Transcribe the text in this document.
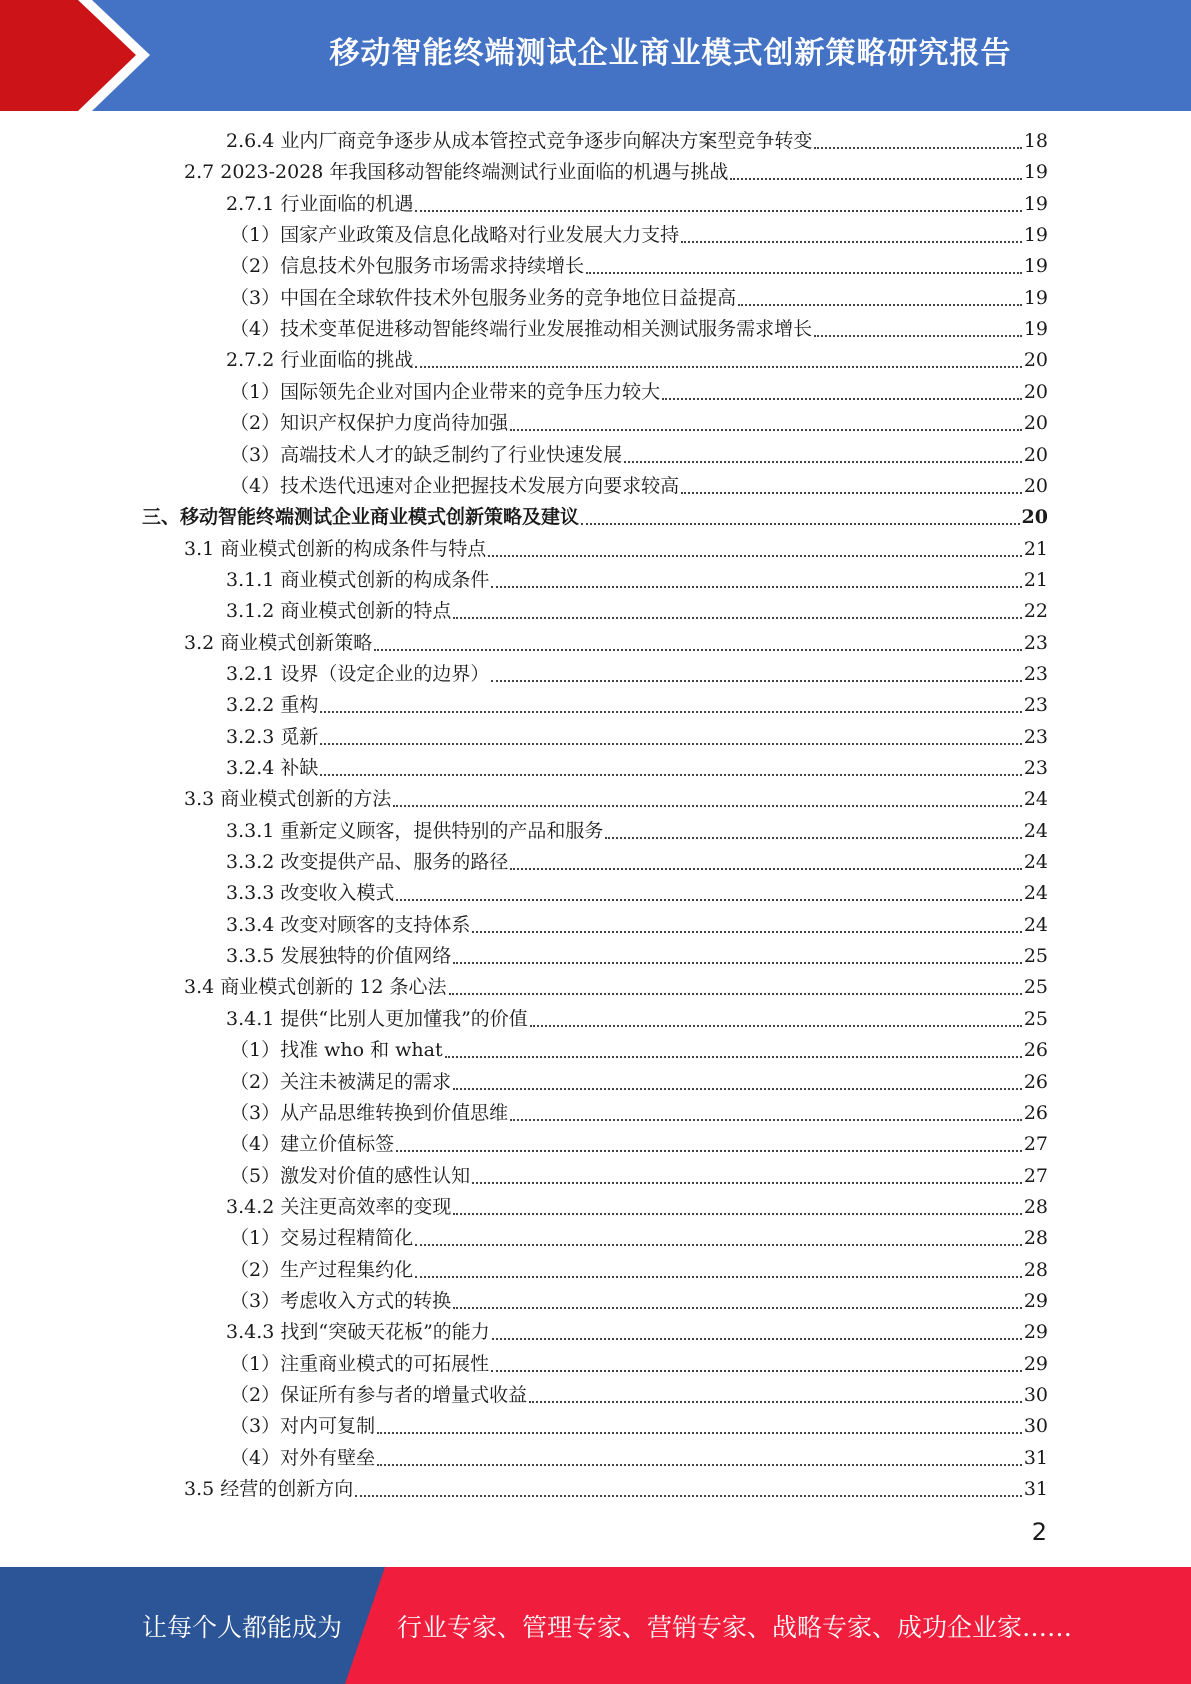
移动智能终端测试企业商业模式创新策略研究报告
2.6.4 业内厂商竞争逐步从成本管控式竞争逐步向解决方案型竞争转变	18
2.7 2023-2028 年我国移动智能终端测试行业面临的机遇与挑战	19
2.7.1 行业面临的机遇	19
（1）国家产业政策及信息化战略对行业发展大力支持	19
（2）信息技术外包服务市场需求持续增长	19
（3）中国在全球软件技术外包服务业务的竞争地位日益提高	19
（4）技术变革促进移动智能终端行业发展推动相关测试服务需求增长	19
2.7.2 行业面临的挑战	20
（1）国际领先企业对国内企业带来的竞争压力较大	20
（2）知识产权保护力度尚待加强	20
（3）高端技术人才的缺乏制约了行业快速发展	20
（4）技术迭代迅速对企业把握技术发展方向要求较高	20
三、移动智能终端测试企业商业模式创新策略及建议	20
3.1 商业模式创新的构成条件与特点	21
3.1.1 商业模式创新的构成条件	21
3.1.2 商业模式创新的特点	22
3.2 商业模式创新策略	23
3.2.1 设界（设定企业的边界）	23
3.2.2 重构	23
3.2.3 觅新	23
3.2.4 补缺	23
3.3 商业模式创新的方法	24
3.3.1 重新定义顾客，提供特别的产品和服务	24
3.3.2 改变提供产品、服务的路径	24
3.3.3 改变收入模式	24
3.3.4 改变对顾客的支持体系	24
3.3.5 发展独特的价值网络	25
3.4 商业模式创新的 12 条心法	25
3.4.1 提供“比别人更加懂我”的价值	25
（1）找准 who 和 what	26
（2）关注未被满足的需求	26
（3）从产品思维转换到价值思维	26
（4）建立价值标签	27
（5）激发对价值的感性认知	27
3.4.2 关注更高效率的变现	28
（1）交易过程精简化	28
（2）生产过程集约化	28
（3）考虑收入方式的转换	29
3.4.3 找到“突破天花板”的能力	29
（1）注重商业模式的可拓展性	29
（2）保证所有参与者的增量式收益	30
（3）对内可复制	30
（4）对外有壁垒	31
3.5 经营的创新方向	31
2
让每个人都能成为 行业专家、管理专家、营销专家、战略专家、成功企业家……
